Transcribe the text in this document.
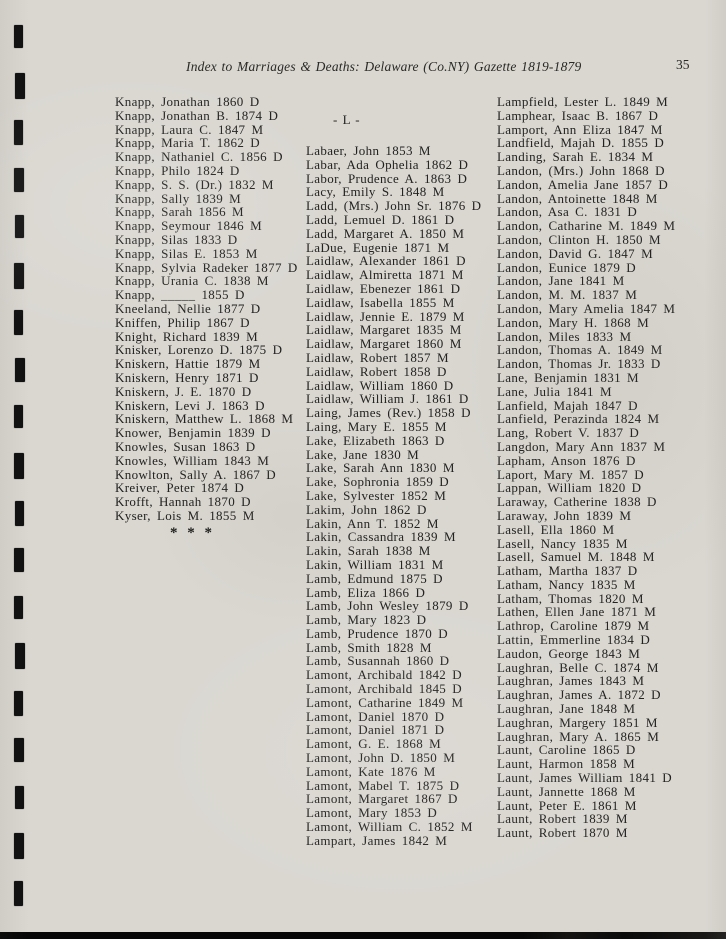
Index to Marriages & Deaths: Delaware (Co.NY) Gazette 1819-1879	35
Knapp, Jonathan 1860 D
Knapp, Jonathan B. 1874 D
Knapp, Laura C. 1847 M
Knapp, Maria T. 1862 D
Knapp, Nathaniel C. 1856 D
Knapp, Philo 1824 D
Knapp, S. S. (Dr.) 1832 M
Knapp, Sally 1839 M
Knapp, Sarah 1856 M
Knapp, Seymour 1846 M
Knapp, Silas 1833 D
Knapp, Silas E. 1853 M
Knapp, Sylvia Radeker 1877 D
Knapp, Urania C. 1838 M
Knapp, _____ 1855 D
Kneeland, Nellie 1877 D
Kniffen, Philip 1867 D
Knight, Richard 1839 M
Knisker, Lorenzo D. 1875 D
Kniskern, Hattie 1879 M
Kniskern, Henry 1871 D
Kniskern, J. E. 1870 D
Kniskern, Levi J. 1863 D
Kniskern, Matthew L. 1868 M
Knower, Benjamin 1839 D
Knowles, Susan 1863 D
Knowles, William 1843 M
Knowlton, Sally A. 1867 D
Kreiver, Peter 1874 D
Krofft, Hannah 1870 D
Kyser, Lois M. 1855 M
- L -
Labaer, John 1853 M
Labar, Ada Ophelia 1862 D
Labor, Prudence A. 1863 D
Lacy, Emily S. 1848 M
Ladd, (Mrs.) John Sr. 1876 D
Ladd, Lemuel D. 1861 D
Ladd, Margaret A. 1850 M
LaDue, Eugenie 1871 M
Laidlaw, Alexander 1861 D
Laidlaw, Almiretta 1871 M
Laidlaw, Ebenezer 1861 D
Laidlaw, Isabella 1855 M
Laidlaw, Jennie E. 1879 M
Laidlaw, Margaret 1835 M
Laidlaw, Margaret 1860 M
Laidlaw, Robert 1857 M
Laidlaw, Robert 1858 D
Laidlaw, William 1860 D
Laidlaw, William J. 1861 D
Laing, James (Rev.) 1858 D
Laing, Mary E. 1855 M
Lake, Elizabeth 1863 D
Lake, Jane 1830 M
Lake, Sarah Ann 1830 M
Lake, Sophronia 1859 D
Lake, Sylvester 1852 M
Lakim, John 1862 D
Lakin, Ann T. 1852 M
Lakin, Cassandra 1839 M
Lakin, Sarah 1838 M
Lakin, William 1831 M
Lamb, Edmund 1875 D
Lamb, Eliza 1866 D
Lamb, John Wesley 1879 D
Lamb, Mary 1823 D
Lamb, Prudence 1870 D
Lamb, Smith 1828 M
Lamb, Susannah 1860 D
Lamont, Archibald 1842 D
Lamont, Archibald 1845 D
Lamont, Catharine 1849 M
Lamont, Daniel 1870 D
Lamont, Daniel 1871 D
Lamont, G. E. 1868 M
Lamont, John D. 1850 M
Lamont, Kate 1876 M
Lamont, Mabel T. 1875 D
Lamont, Margaret 1867 D
Lamont, Mary 1853 D
Lamont, William C. 1852 M
Lampart, James 1842 M
Lampfield, Lester L. 1849 M
Lamphear, Isaac B. 1867 D
Lamport, Ann Eliza 1847 M
Landfield, Majah D. 1855 D
Landing, Sarah E. 1834 M
Landon, (Mrs.) John 1868 D
Landon, Amelia Jane 1857 D
Landon, Antoinette 1848 M
Landon, Asa C. 1831 D
Landon, Catharine M. 1849 M
Landon, Clinton H. 1850 M
Landon, David G. 1847 M
Landon, Eunice 1879 D
Landon, Jane 1841 M
Landon, M. M. 1837 M
Landon, Mary Amelia 1847 M
Landon, Mary H. 1868 M
Landon, Miles 1833 M
Landon, Thomas A. 1849 M
Landon, Thomas Jr. 1833 D
Lane, Benjamin 1831 M
Lane, Julia 1841 M
Lanfield, Majah 1847 D
Lanfield, Perazinda 1824 M
Lang, Robert V. 1837 D
Langdon, Mary Ann 1837 M
Lapham, Anson 1876 D
Laport, Mary M. 1857 D
Lappan, William 1820 D
Laraway, Catherine 1838 D
Laraway, John 1839 M
Lasell, Ella 1860 M
Lasell, Nancy 1835 M
Lasell, Samuel M. 1848 M
Latham, Martha 1837 D
Latham, Nancy 1835 M
Latham, Thomas 1820 M
Lathen, Ellen Jane 1871 M
Lathrop, Caroline 1879 M
Lattin, Emmerline 1834 D
Laudon, George 1843 M
Laughran, Belle C. 1874 M
Laughran, James 1843 M
Laughran, James A. 1872 D
Laughran, Jane 1848 M
Laughran, Margery 1851 M
Laughran, Mary A. 1865 M
Launt, Caroline 1865 D
Launt, Harmon 1858 M
Launt, James William 1841 D
Launt, Jannette 1868 M
Launt, Peter E. 1861 M
Launt, Robert 1839 M
Launt, Robert 1870 M
* * *
